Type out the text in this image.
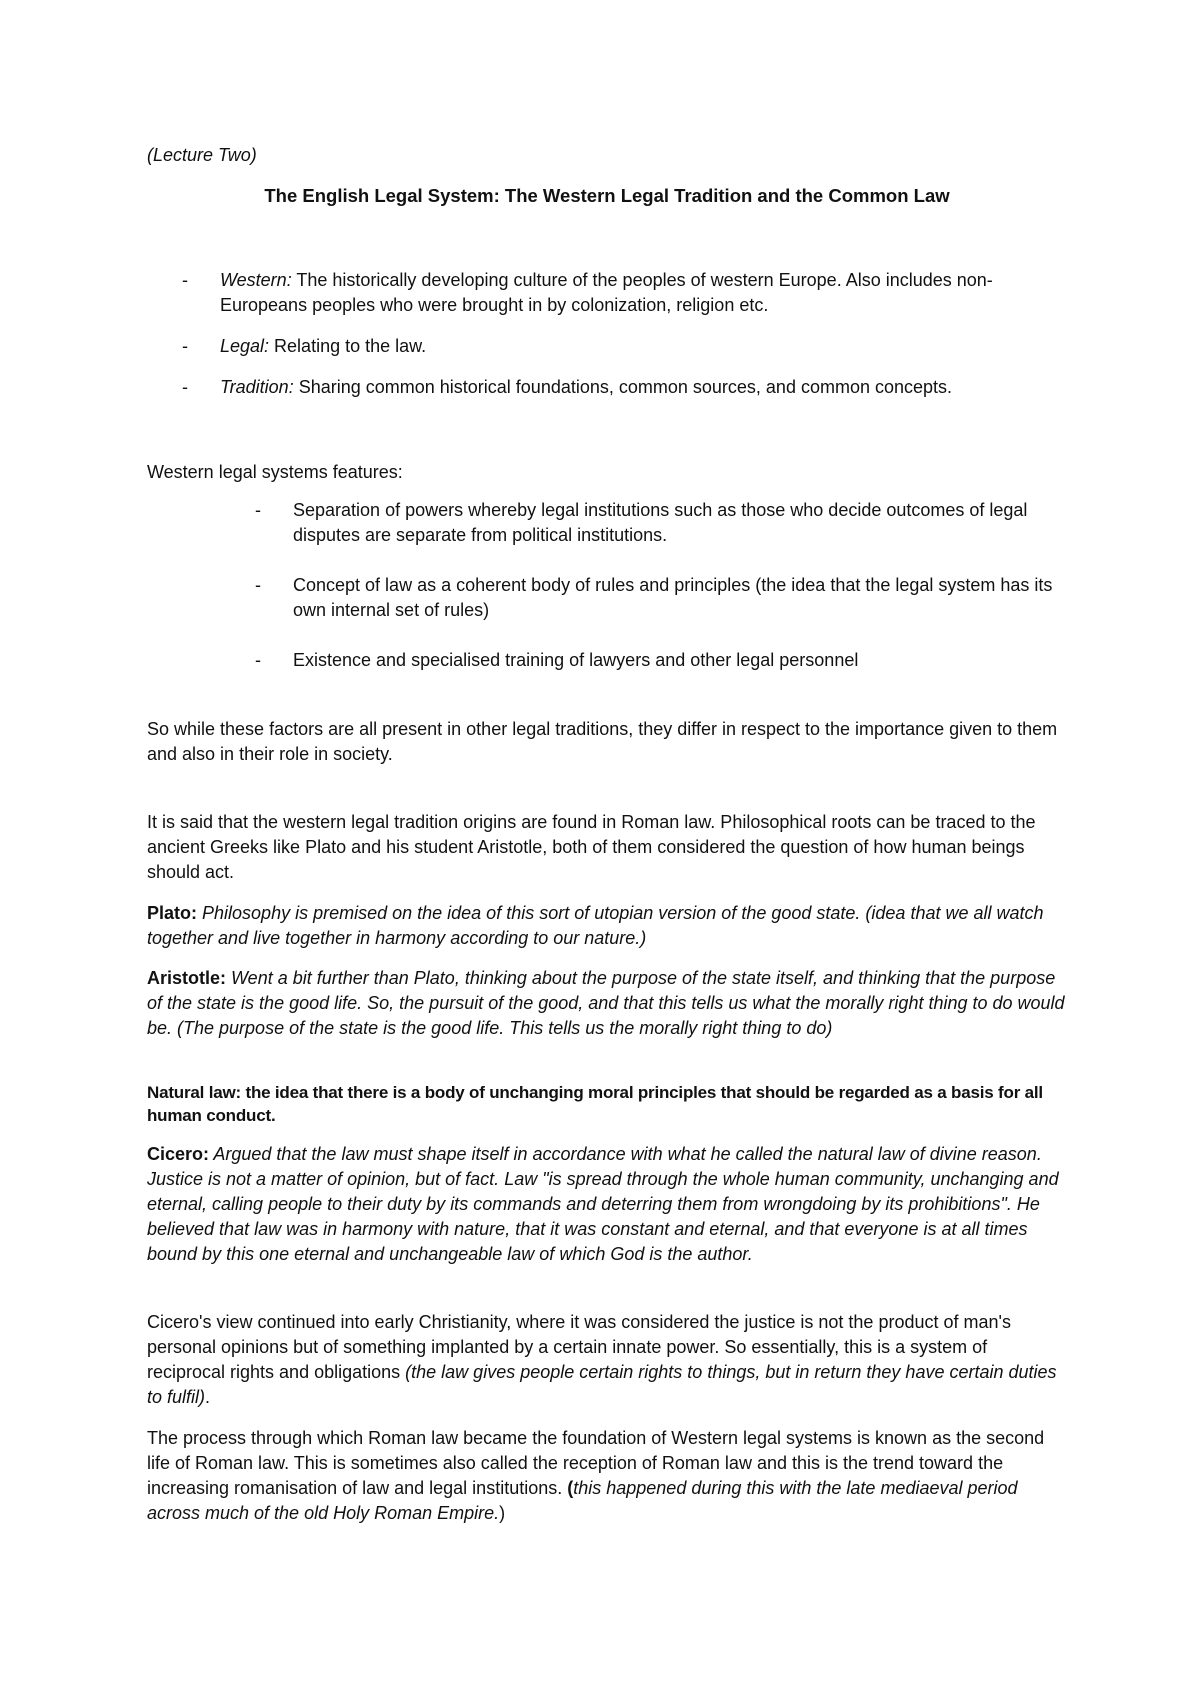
(Lecture Two)

The English Legal System: The Western Legal Tradition and the Common Law

- Western: The historically developing culture of the peoples of western Europe. Also includes non-Europeans peoples who were brought in by colonization, religion etc.
- Legal: Relating to the law.
- Tradition: Sharing common historical foundations, common sources, and common concepts.

Western legal systems features:

- Separation of powers whereby legal institutions such as those who decide outcomes of legal disputes are separate from political institutions.
- Concept of law as a coherent body of rules and principles (the idea that the legal system has its own internal set of rules)
- Existence and specialised training of lawyers and other legal personnel

So while these factors are all present in other legal traditions, they differ in respect to the importance given to them and also in their role in society.

It is said that the western legal tradition origins are found in Roman law. Philosophical roots can be traced to the ancient Greeks like Plato and his student Aristotle, both of them considered the question of how human beings should act.

Plato: Philosophy is premised on the idea of this sort of utopian version of the good state. (idea that we all watch together and live together in harmony according to our nature.)

Aristotle: Went a bit further than Plato, thinking about the purpose of the state itself, and thinking that the purpose of the state is the good life. So, the pursuit of the good, and that this tells us what the morally right thing to do would be. (The purpose of the state is the good life. This tells us the morally right thing to do)

Natural law: the idea that there is a body of unchanging moral principles that should be regarded as a basis for all human conduct.

Cicero: Argued that the law must shape itself in accordance with what he called the natural law of divine reason. Justice is not a matter of opinion, but of fact. Law "is spread through the whole human community, unchanging and eternal, calling people to their duty by its commands and deterring them from wrongdoing by its prohibitions". He believed that law was in harmony with nature, that it was constant and eternal, and that everyone is at all times bound by this one eternal and unchangeable law of which God is the author.

Cicero's view continued into early Christianity, where it was considered the justice is not the product of man's personal opinions but of something implanted by a certain innate power. So essentially, this is a system of reciprocal rights and obligations (the law gives people certain rights to things, but in return they have certain duties to fulfil).

The process through which Roman law became the foundation of Western legal systems is known as the second life of Roman law. This is sometimes also called the reception of Roman law and this is the trend toward the increasing romanisation of law and legal institutions. (this happened during this with the late mediaeval period across much of the old Holy Roman Empire.)
